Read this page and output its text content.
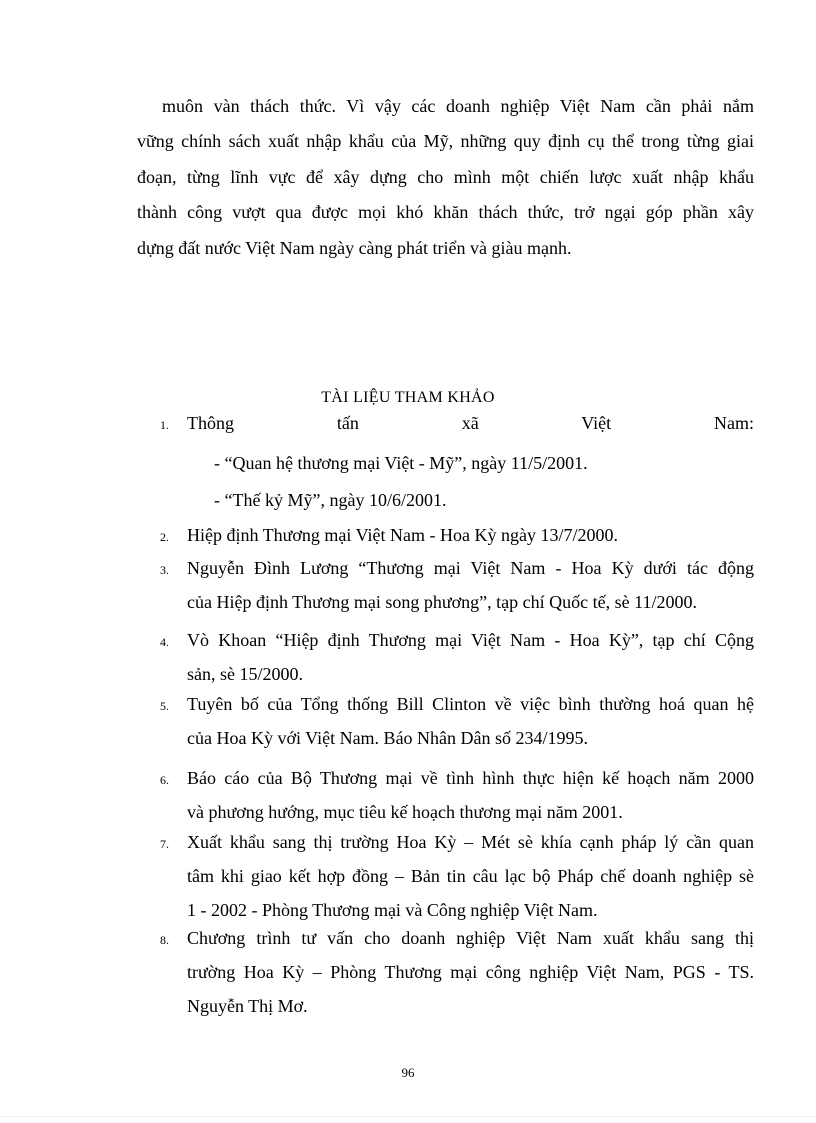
muôn vàn thách thức. Vì vậy các doanh nghiệp Việt Nam cần phải nắm
vững chính sách xuất nhập khẩu của Mỹ, những quy định cụ thể trong từng giai
đoạn, từng lĩnh vực để xây dựng cho mình một chiến lược xuất nhập khẩu
thành công vượt qua được mọi khó khăn thách thức, trở ngại góp phần xây
dựng đất nước Việt Nam ngày càng phát triển và giàu mạnh.
TÀI LIỆU THAM KHẢO
1. Thông tấn xã Việt Nam:
- “Quan hệ thương mại Việt - Mỹ”, ngày 11/5/2001.
- “Thế kỷ Mỹ”, ngày 10/6/2001.
2. Hiệp định Thương mại Việt Nam - Hoa Kỳ ngày 13/7/2000.
3. Nguyễn Đình Lương “Thương mại Việt Nam - Hoa Kỳ dưới tác động
của Hiệp định Thương mại song phương”, tạp chí Quốc tế, sè 11/2000.
4. Vò Khoan “Hiệp định Thương mại Việt Nam - Hoa Kỳ”, tạp chí Cộng
sản, sè 15/2000.
5. Tuyên bố của Tổng thống Bill Clinton về việc bình thường hoá quan hệ
của Hoa Kỳ với Việt Nam. Báo Nhân Dân số 234/1995.
6. Báo cáo của Bộ Thương mại về tình hình thực hiện kế hoạch năm 2000
và phương hướng, mục tiêu kế hoạch thương mại năm 2001.
7. Xuất khẩu sang thị trường Hoa Kỳ – Mét sè khía cạnh pháp lý cần quan
tâm khi giao kết hợp đồng – Bản tin câu lạc bộ Pháp chế doanh nghiệp sè
1 - 2002 - Phòng Thương mại và Công nghiệp Việt Nam.
8. Chương trình tư vấn cho doanh nghiệp Việt Nam xuất khẩu sang thị
trường Hoa Kỳ – Phòng Thương mại công nghiệp Việt Nam, PGS - TS.
Nguyễn Thị Mơ.
96
